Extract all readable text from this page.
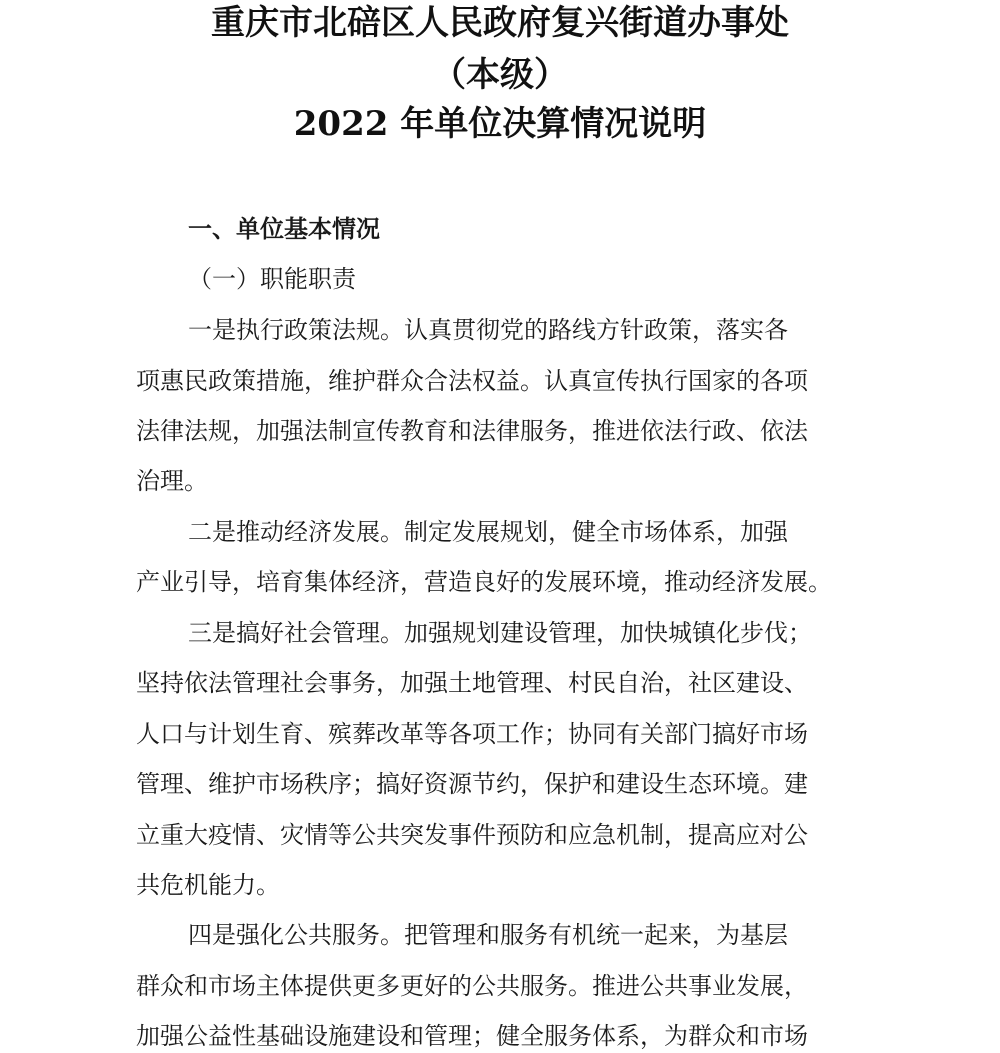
重庆市北碚区人民政府复兴街道办事处
（本级）
2022 年单位决算情况说明
一、单位基本情况
（一）职能职责
一是执行政策法规。认真贯彻党的路线方针政策，落实各
项惠民政策措施，维护群众合法权益。认真宣传执行国家的各项
法律法规，加强法制宣传教育和法律服务，推进依法行政、依法
治理。
二是推动经济发展。制定发展规划，健全市场体系，加强
产业引导，培育集体经济，营造良好的发展环境，推动经济发展。
三是搞好社会管理。加强规划建设管理，加快城镇化步伐；
坚持依法管理社会事务，加强土地管理、村民自治，社区建设、
人口与计划生育、殡葬改革等各项工作；协同有关部门搞好市场
管理、维护市场秩序；搞好资源节约，保护和建设生态环境。建
立重大疫情、灾情等公共突发事件预防和应急机制，提高应对公
共危机能力。
四是强化公共服务。把管理和服务有机统一起来，为基层
群众和市场主体提供更多更好的公共服务。推进公共事业发展，
加强公益性基础设施建设和管理；健全服务体系，为群众和市场
